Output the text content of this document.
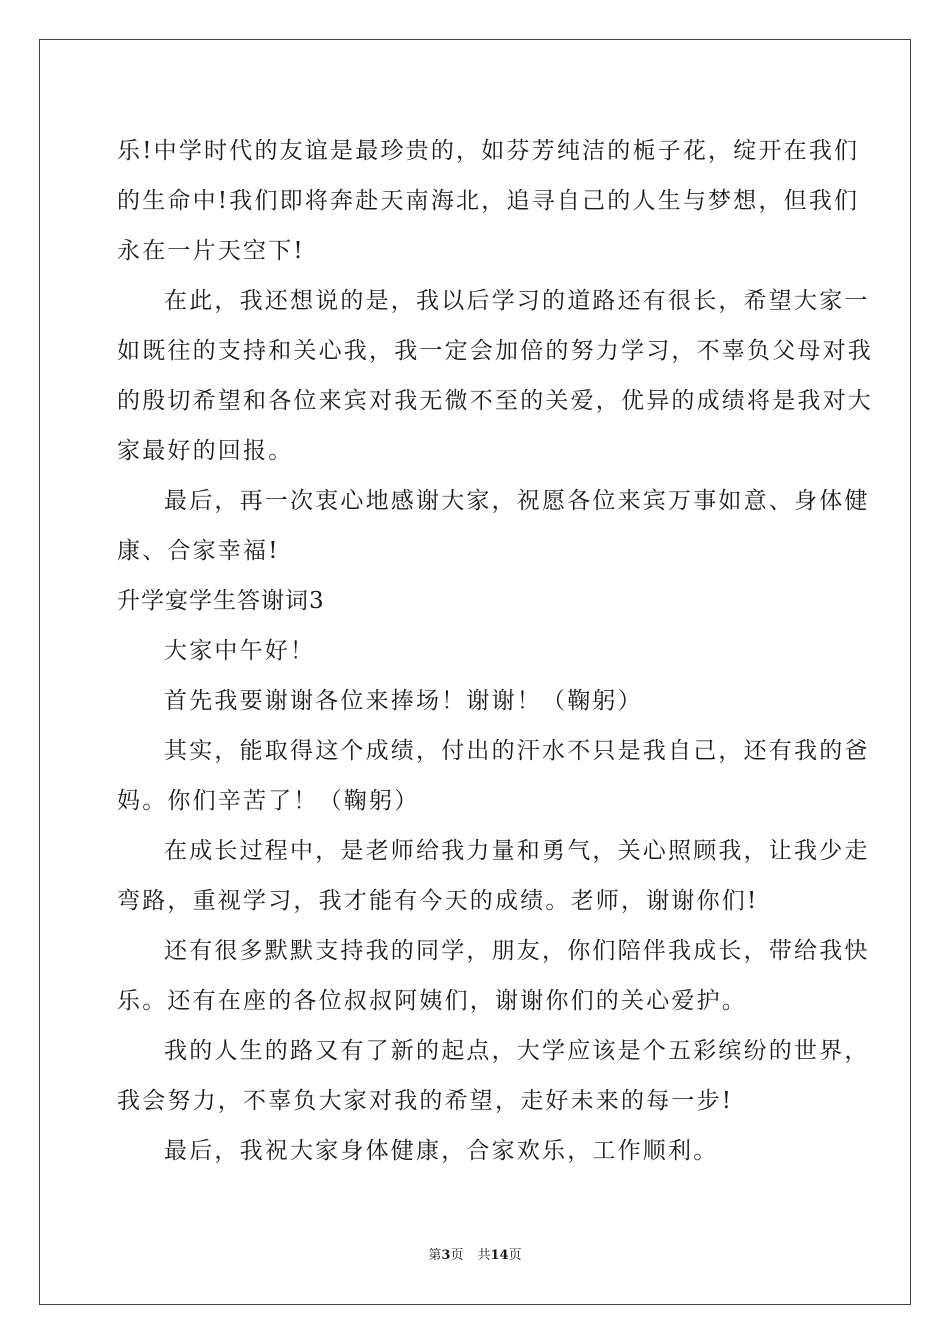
乐!中学时代的友谊是最珍贵的，如芬芳纯洁的栀子花，绽开在我们
的生命中!我们即将奔赴天南海北，追寻自己的人生与梦想，但我们
永在一片天空下!
在此，我还想说的是，我以后学习的道路还有很长，希望大家一
如既往的支持和关心我，我一定会加倍的努力学习，不辜负父母对我
的殷切希望和各位来宾对我无微不至的关爱，优异的成绩将是我对大
家最好的回报。
最后，再一次衷心地感谢大家，祝愿各位来宾万事如意、身体健
康、合家幸福!
升学宴学生答谢词3
大家中午好！
首先我要谢谢各位来捧场！谢谢！（鞠躬）
其实，能取得这个成绩，付出的汗水不只是我自己，还有我的爸
妈。你们辛苦了！（鞠躬）
在成长过程中，是老师给我力量和勇气，关心照顾我，让我少走
弯路，重视学习，我才能有今天的成绩。老师，谢谢你们!
还有很多默默支持我的同学，朋友，你们陪伴我成长，带给我快
乐。还有在座的各位叔叔阿姨们，谢谢你们的关心爱护。
我的人生的路又有了新的起点，大学应该是个五彩缤纷的世界，
我会努力，不辜负大家对我的希望，走好未来的每一步!
最后，我祝大家身体健康，合家欢乐，工作顺利。
第3页 共14页
